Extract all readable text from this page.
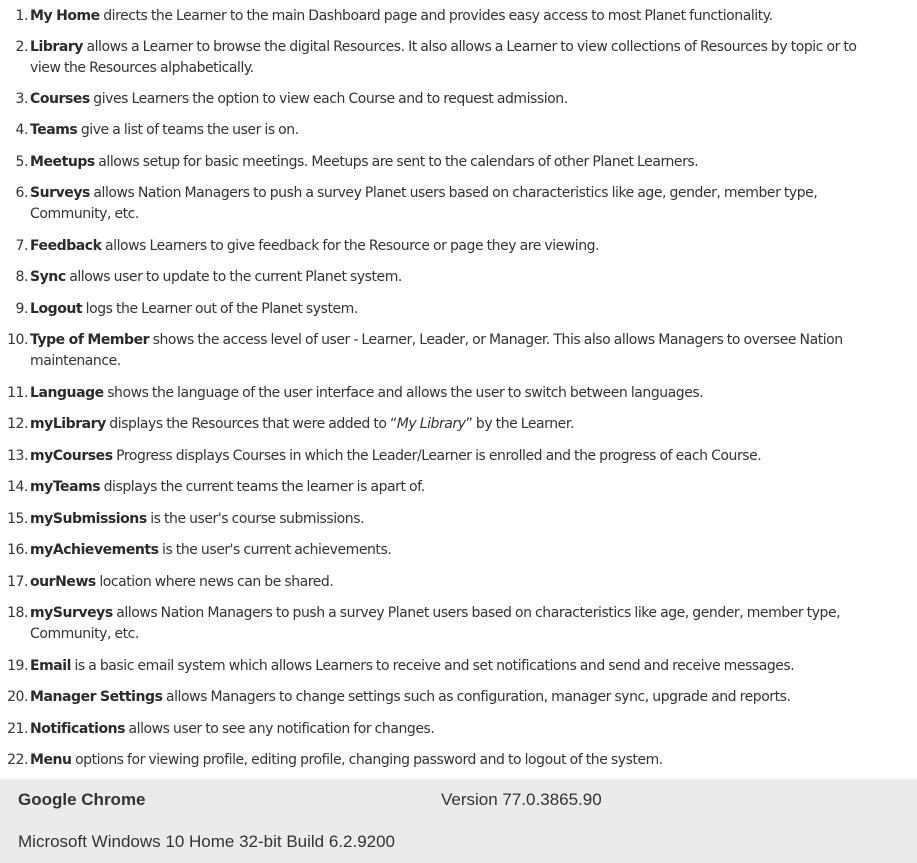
1. My Home directs the Learner to the main Dashboard page and provides easy access to most Planet functionality.
2. Library allows a Learner to browse the digital Resources. It also allows a Learner to view collections of Resources by topic or to view the Resources alphabetically.
3. Courses gives Learners the option to view each Course and to request admission.
4. Teams give a list of teams the user is on.
5. Meetups allows setup for basic meetings. Meetups are sent to the calendars of other Planet Learners.
6. Surveys allows Nation Managers to push a survey Planet users based on characteristics like age, gender, member type, Community, etc.
7. Feedback allows Learners to give feedback for the Resource or page they are viewing.
8. Sync allows user to update to the current Planet system.
9. Logout logs the Learner out of the Planet system.
10. Type of Member shows the access level of user - Learner, Leader, or Manager. This also allows Managers to oversee Nation maintenance.
11. Language shows the language of the user interface and allows the user to switch between languages.
12. myLibrary displays the Resources that were added to “My Library” by the Learner.
13. myCourses Progress displays Courses in which the Leader/Learner is enrolled and the progress of each Course.
14. myTeams displays the current teams the learner is apart of.
15. mySubmissions is the user's course submissions.
16. myAchievements is the user's current achievements.
17. ourNews location where news can be shared.
18. mySurveys allows Nation Managers to push a survey Planet users based on characteristics like age, gender, member type, Community, etc.
19. Email is a basic email system which allows Learners to receive and set notifications and send and receive messages.
20. Manager Settings allows Managers to change settings such as configuration, manager sync, upgrade and reports.
21. Notifications allows user to see any notification for changes.
22. Menu options for viewing profile, editing profile, changing password and to logout of the system.
Google Chrome	Version 77.0.3865.90
Microsoft Windows 10 Home 32-bit Build 6.2.9200
